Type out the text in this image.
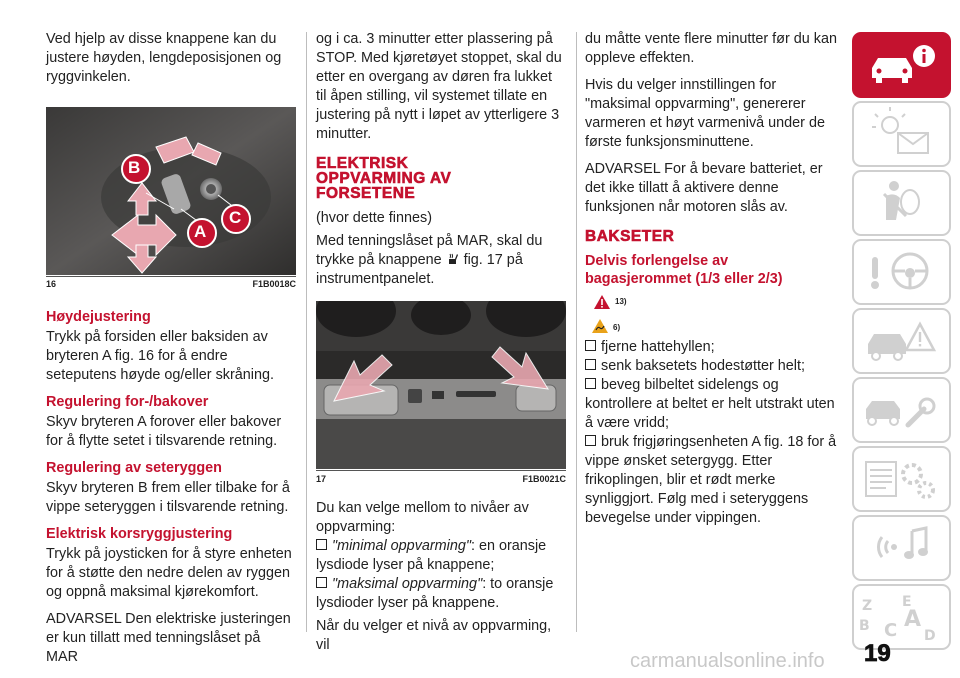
Ved hjelp av disse knappene kan du justere høyden, lengdeposisjonen og ryggvinkelen.

B
C
A
16	F1B0018C
Høydejustering

Trykk på forsiden eller baksiden av bryteren A fig. 16 for å endre seteputens høyde og/eller skråning.

Regulering for-/bakover

Skyv bryteren A forover eller bakover for å flytte setet i tilsvarende retning.

Regulering av seteryggen

Skyv bryteren B frem eller tilbake for å vippe seteryggen i tilsvarende retning.

Elektrisk korsryggjustering

Trykk på joysticken for å styre enheten for å støtte den nedre delen av ryggen og oppnå maksimal kjørekomfort.

ADVARSEL Den elektriske justeringen er kun tillatt med tenningslåset på MAR

og i ca. 3 minutter etter plassering på STOP. Med kjøretøyet stoppet, skal du etter en overgang av døren fra lukket til åpen stilling, vil systemet tillate en justering på nytt i løpet av ytterligere 3 minutter.

ELEKTRISK OPPVARMING AV FORSETENE

(hvor dette finnes)

Med tenningslåset på MAR, skal du trykke på knappene fig. 17 på instrumentpanelet.

17	F1B0021C

Du kan velge mellom to nivåer av oppvarming:

"minimal oppvarming": en oransje lysdiode lyser på knappene;
"maksimal oppvarming": to oransje lysdioder lyser på knappene.

Når du velger et nivå av oppvarming, vil

du måtte vente flere minutter før du kan oppleve effekten.

Hvis du velger innstillingen for "maksimal oppvarming", genererer varmeren et høyt varmenivå under de første funksjonsminuttene.

ADVARSEL For å bevare batteriet, er det ikke tillatt å aktivere denne funksjonen når motoren slås av.

BAKSETER
Delvis forlengelse av bagasjerommet (1/3 eller 2/3)
13)
6)
fjerne hattehyllen;
senk baksetets hodestøtter helt;
beveg bilbeltet sidelengs og kontrollere at beltet er helt utstrakt uten å være vridd;
bruk frigjøringsenheten A fig. 18 for å vippe ønsket setergygg. Etter frikoplingen, blir et rødt merke synliggjort. Følg med i seteryggens bevegelse under vippingen.
Z E
B C A
D
19
carmanualsonline.info
